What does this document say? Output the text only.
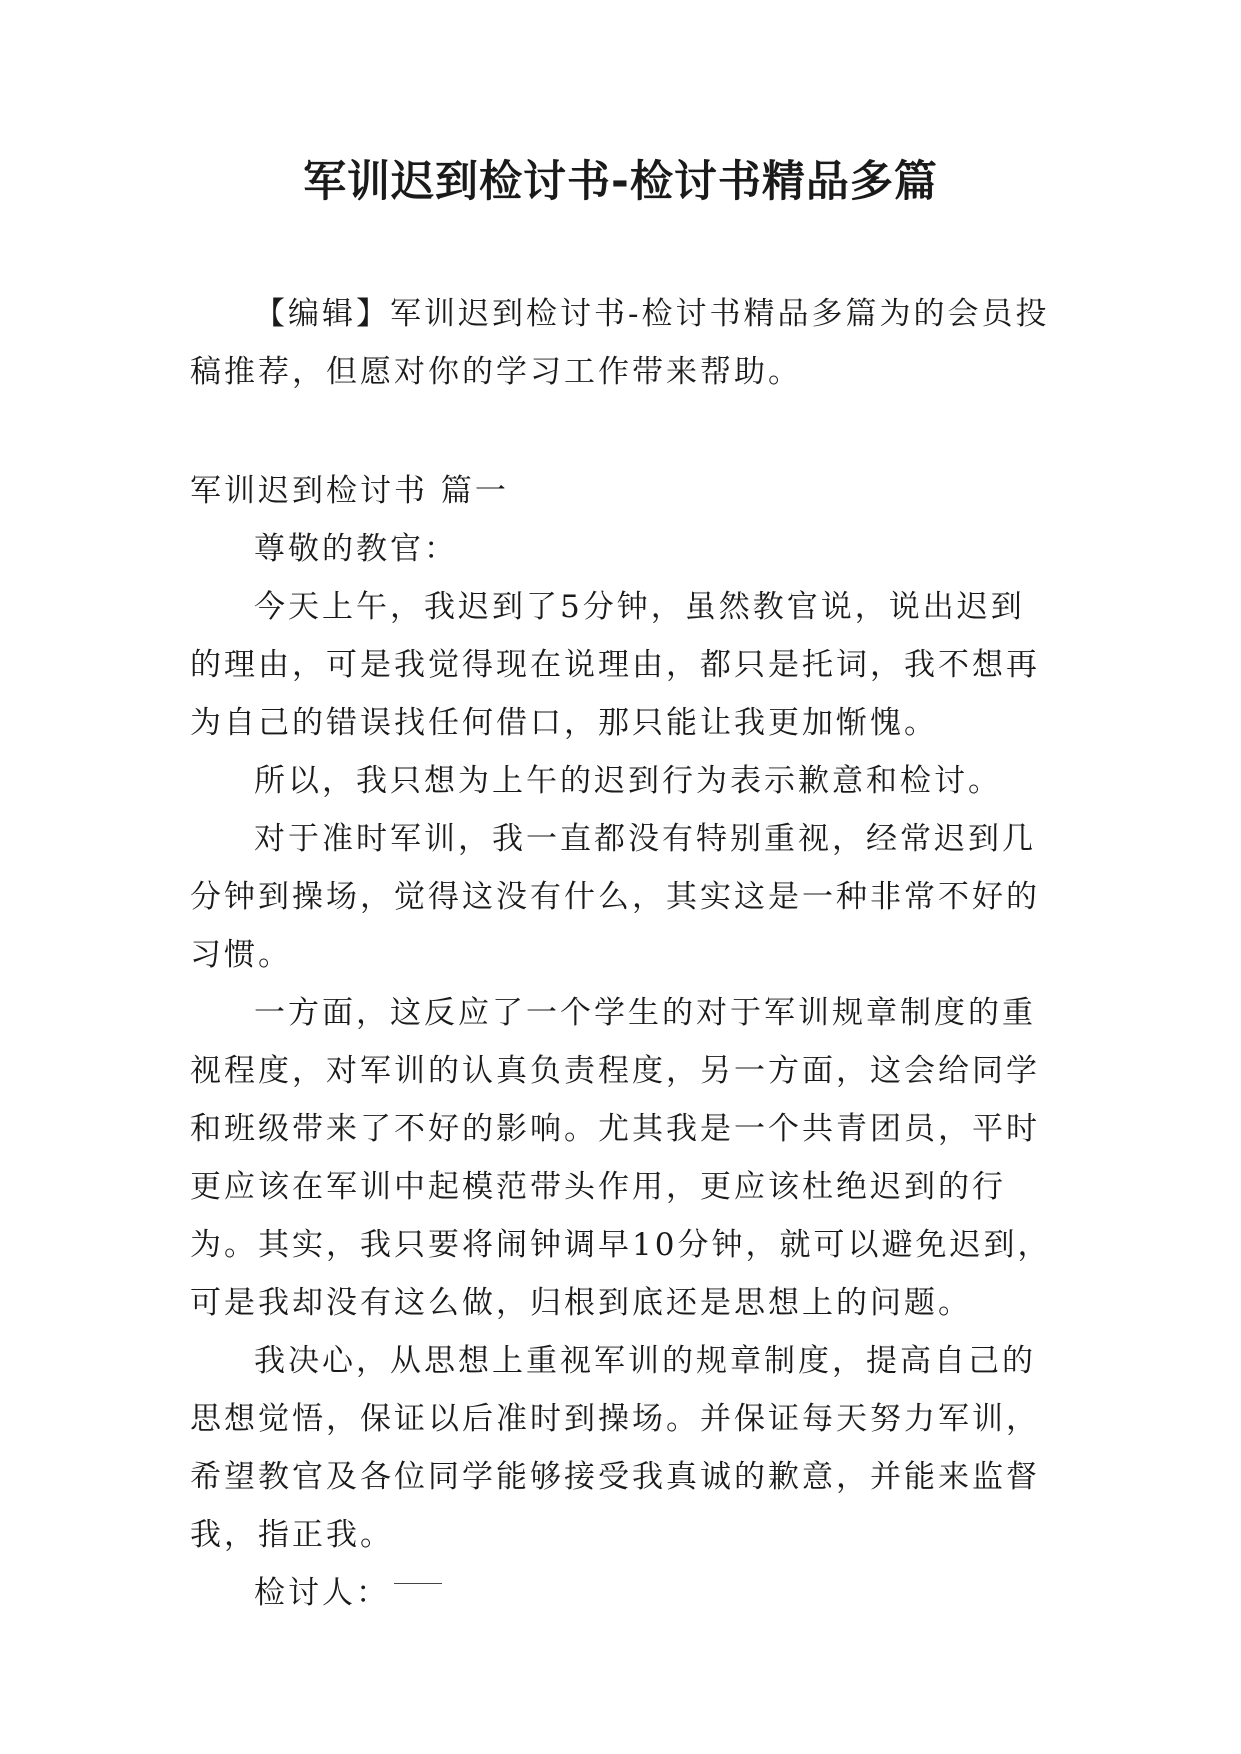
军训迟到检讨书-检讨书精品多篇

【编辑】军训迟到检讨书-检讨书精品多篇为的会员投稿推荐，但愿对你的学习工作带来帮助。

军训迟到检讨书 篇一

尊敬的教官：

今天上午，我迟到了5分钟，虽然教官说，说出迟到的理由，可是我觉得现在说理由，都只是托词，我不想再为自己的错误找任何借口，那只能让我更加惭愧。

所以，我只想为上午的迟到行为表示歉意和检讨。

对于准时军训，我一直都没有特别重视，经常迟到几分钟到操场，觉得这没有什么，其实这是一种非常不好的习惯。

一方面，这反应了一个学生的对于军训规章制度的重视程度，对军训的认真负责程度，另一方面，这会给同学和班级带来了不好的影响。尤其我是一个共青团员，平时更应该在军训中起模范带头作用，更应该杜绝迟到的行为。其实，我只要将闹钟调早10分钟，就可以避免迟到，可是我却没有这么做，归根到底还是思想上的问题。

我决心，从思想上重视军训的规章制度，提高自己的思想觉悟，保证以后准时到操场。并保证每天努力军训，希望教官及各位同学能够接受我真诚的歉意，并能来监督我，指正我。

检讨人：
